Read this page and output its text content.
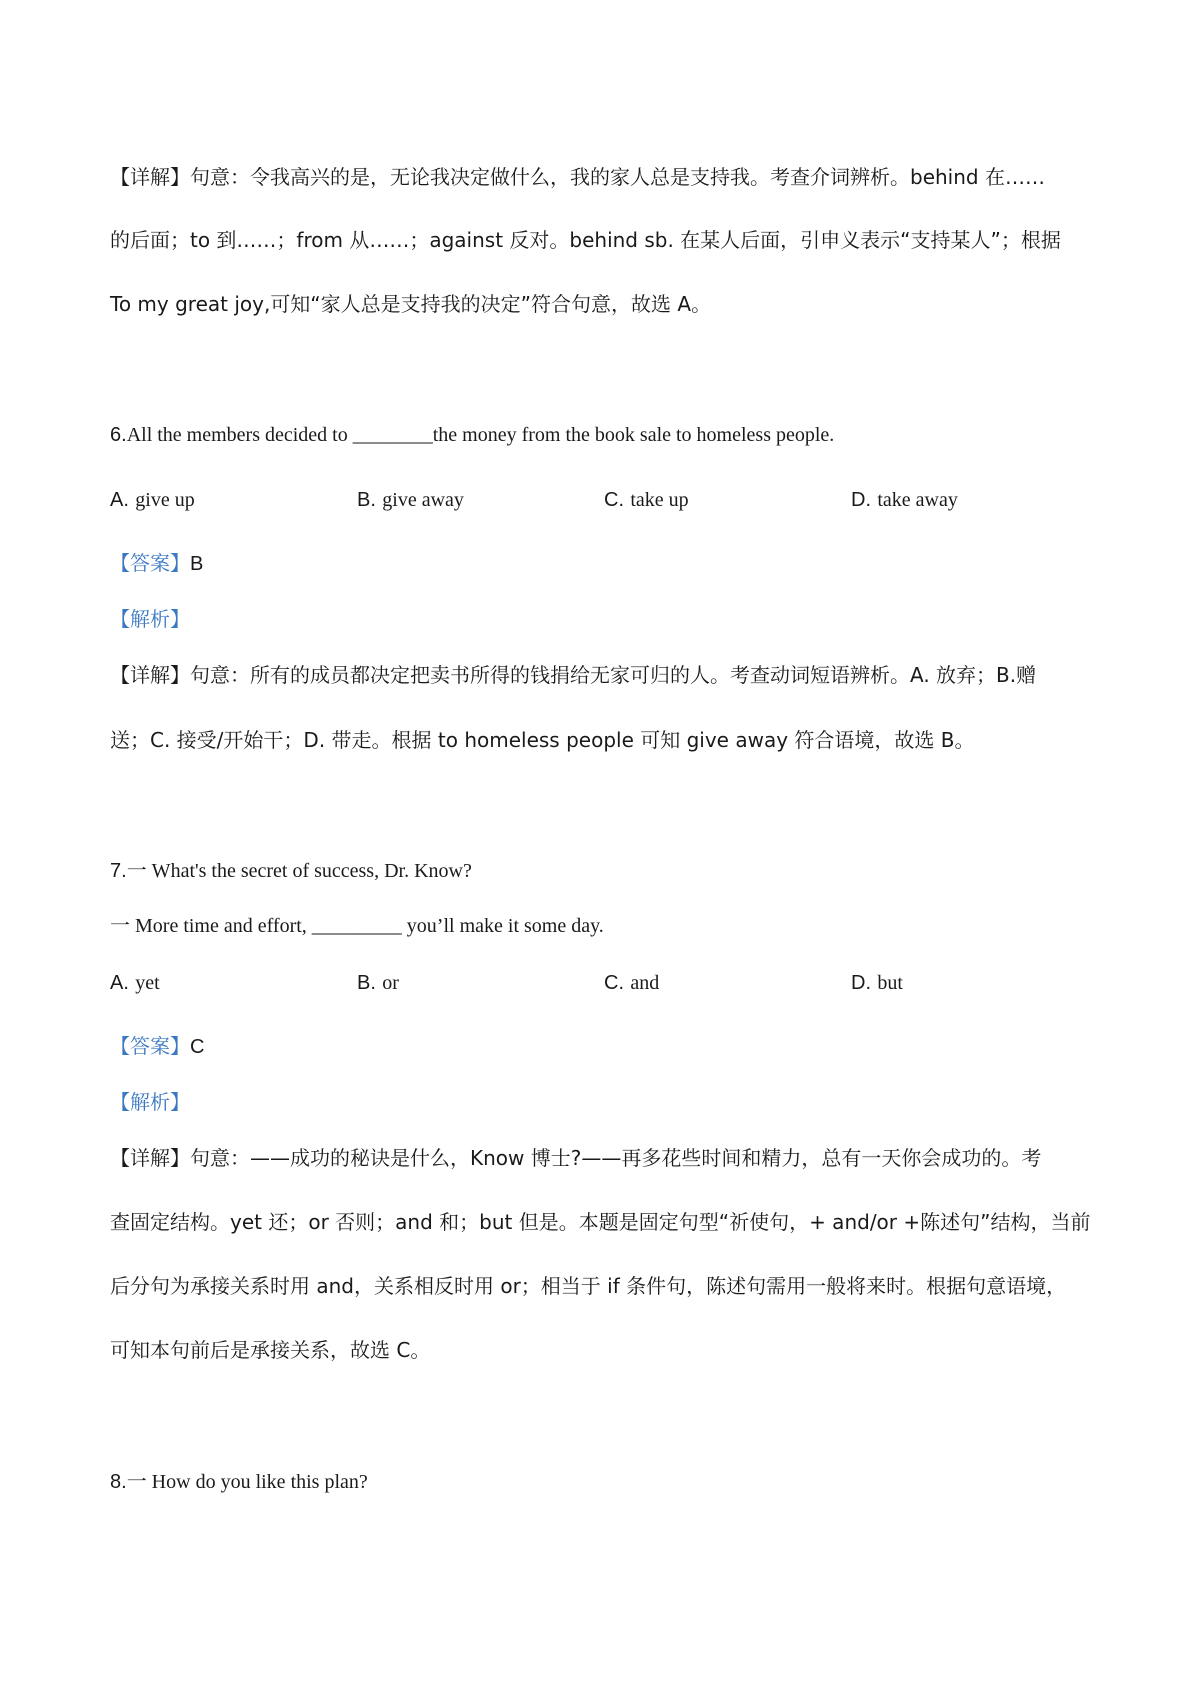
【详解】句意：令我高兴的是，无论我决定做什么，我的家人总是支持我。考查介词辨析。behind 在……
的后面；to 到……；from 从……；against 反对。behind sb. 在某人后面，引申义表示“支持某人”；根据
To my great joy,可知“家人总是支持我的决定”符合句意，故选 A。
6.All the members decided to ________the money from the book sale to homeless people.
A. give up	B. give away	C. take up	D. take away
【答案】B
【解析】
【详解】句意：所有的成员都决定把卖书所得的钱捐给无家可归的人。考查动词短语辨析。A. 放弃；B.赠
送；C. 接受/开始干；D. 带走。根据 to homeless people 可知 give away 符合语境，故选 B。
7.一 What's the secret of success, Dr. Know?
一 More time and effort, _________ you’ll make it some day.
A. yet	B. or	C. and	D. but
【答案】C
【解析】
【详解】句意：——成功的秘诀是什么，Know 博士?——再多花些时间和精力，总有一天你会成功的。考
查固定结构。yet 还；or 否则；and 和；but 但是。本题是固定句型“祈使句，+ and/or +陈述句”结构，当前
后分句为承接关系时用 and，关系相反时用 or；相当于 if 条件句，陈述句需用一般将来时。根据句意语境，
可知本句前后是承接关系，故选 C。
8.一 How do you like this plan?
